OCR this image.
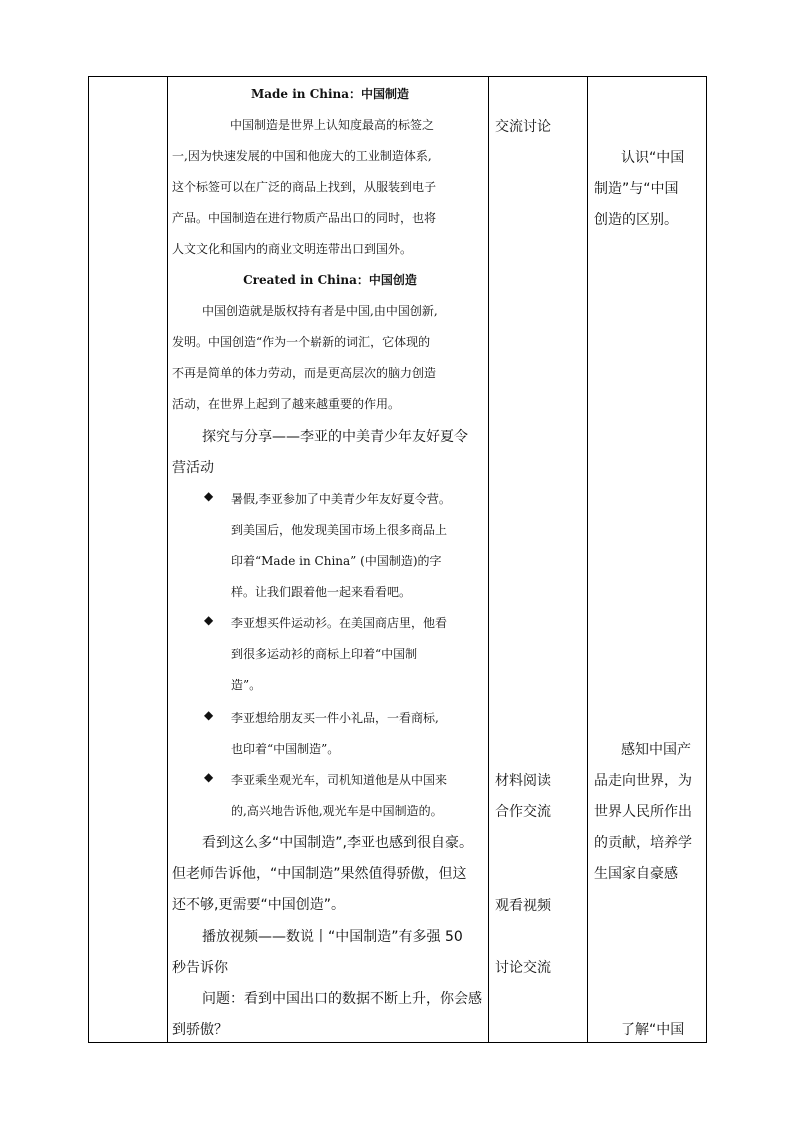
Made in China：中国制造
中国制造是世界上认知度最高的标签之
一,因为快速发展的中国和他庞大的工业制造体系,
这个标签可以在广泛的商品上找到，从服装到电子
产品。中国制造在进行物质产品出口的同时，也将
人文文化和国内的商业文明连带出口到国外。
Created in China：中国创造
中国创造就是版权持有者是中国,由中国创新,
发明。中国创造“作为一个崭新的词汇，它体现的
不再是简单的体力劳动，而是更高层次的脑力创造
活动，在世界上起到了越来越重要的作用。
探究与分享——李亚的中美青少年友好夏令
营活动
◆ 暑假,李亚参加了中美青少年友好夏令营。
到美国后，他发现美国市场上很多商品上
印着“Made in China” (中国制造)的字
样。让我们跟着他一起来看看吧。
◆ 李亚想买件运动衫。在美国商店里，他看
到很多运动衫的商标上印着“中国制
造”。
◆ 李亚想给朋友买一件小礼品，一看商标,
也印着“中国制造”。
◆ 李亚乘坐观光车，司机知道他是从中国来
的,高兴地告诉他,观光车是中国制造的。
看到这么多“中国制造”,李亚也感到很自豪。
但老师告诉他，“中国制造”果然值得骄傲，但这
还不够,更需要“中国创造”。
播放视频——数说丨“中国制造”有多强 50
秒告诉你
问题：看到中国出口的数据不断上升，你会感
到骄傲？
交流讨论
材料阅读
合作交流
观看视频
讨论交流
认识“中国
制造”与“中国
创造的区别。
感知中国产
品走向世界，为
世界人民所作出
的贡献，培养学
生国家自豪感
了解“中国
